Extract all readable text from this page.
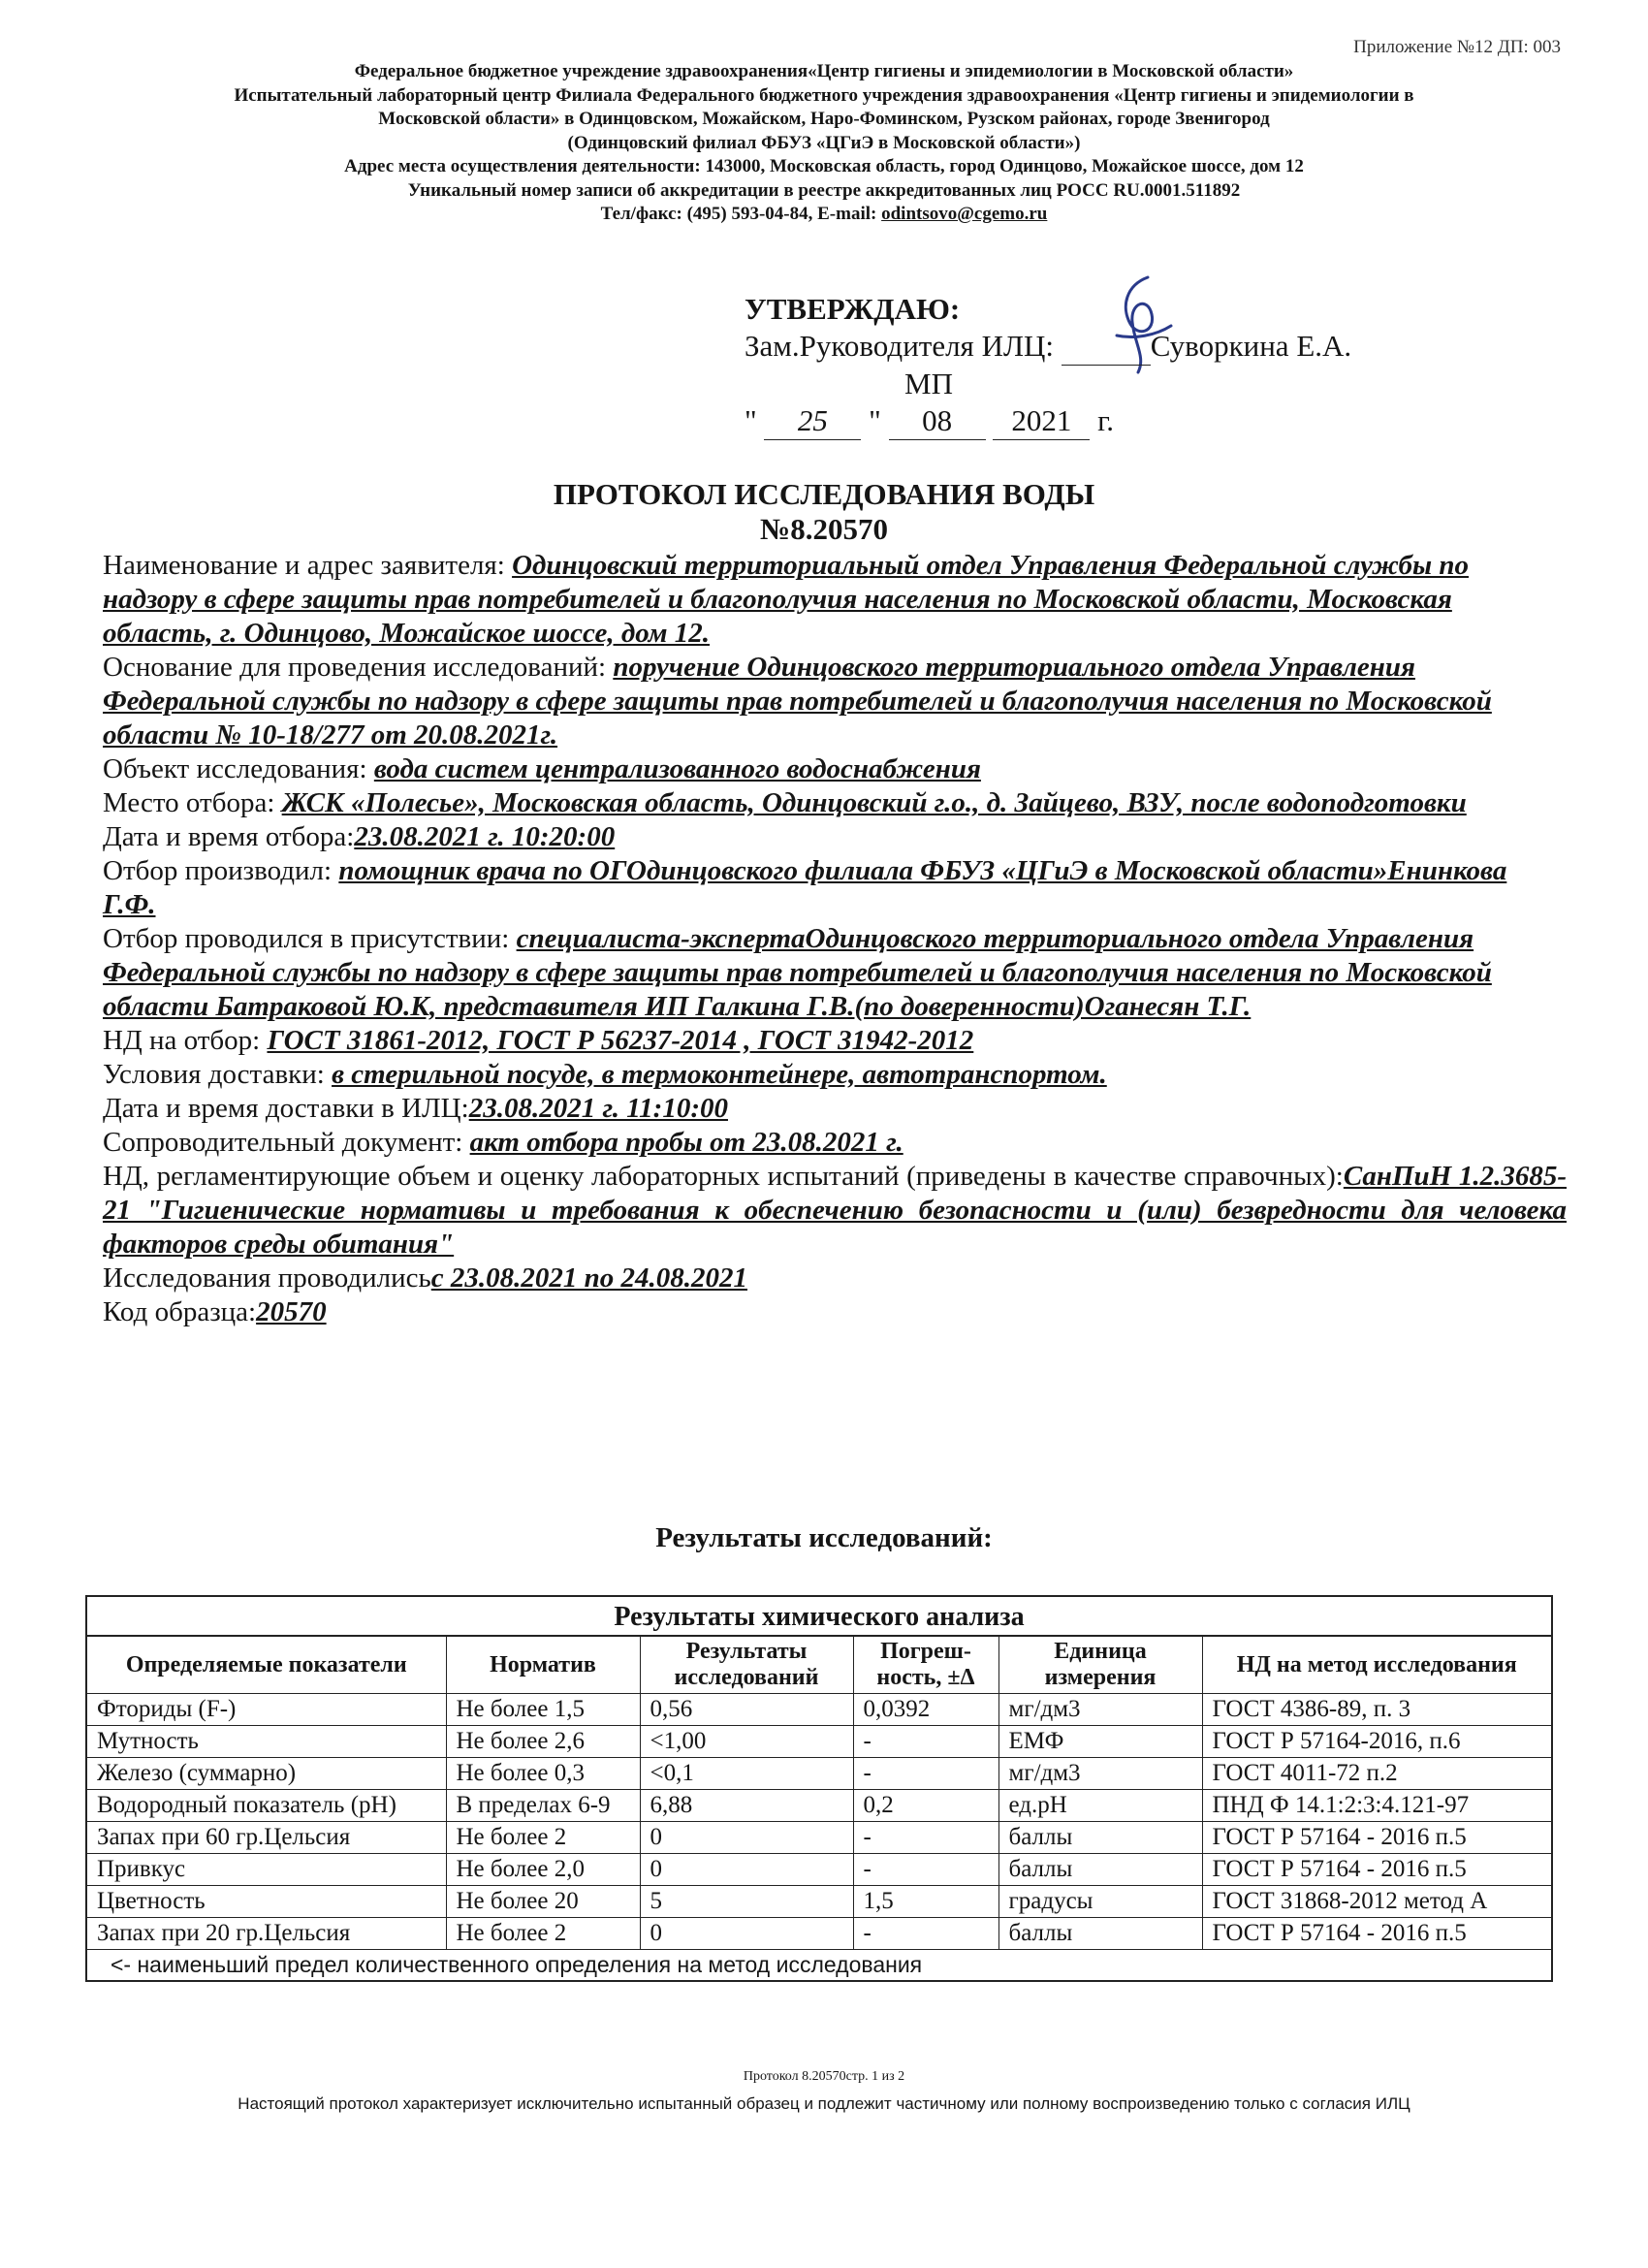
Приложение №12 ДП: 003
Федеральное бюджетное учреждение здравоохранения«Центр гигиены и эпидемиологии в Московской области»
Испытательный лабораторный центр Филиала Федерального бюджетного учреждения здравоохранения «Центр гигиены и эпидемиологии в
Московской области» в Одинцовском, Можайском, Наро-Фоминском, Рузском районах, городе Звенигород
(Одинцовский филиал ФБУЗ «ЦГиЭ в Московской области»)
Адрес места осуществления деятельности: 143000, Московская область, город Одинцово, Можайское шоссе, дом 12
Уникальный номер записи об аккредитации в реестре аккредитованных лиц РОСС RU.0001.511892
Тел/факс: (495) 593-04-84, E-mail: odintsovo@cgemo.ru
УТВЕРЖДАЮ:
Зам.Руководителя ИЛЦ:	Суворкина Е.А.
МП
" 25 " 08 2021 г.
ПРОТОКОЛ ИССЛЕДОВАНИЯ ВОДЫ
№8.20570

Наименование и адрес заявителя: Одинцовский территориальный отдел Управления Федеральной службы по надзору в сфере защиты прав потребителей и благополучия населения по Московской области, Московская область, г. Одинцово, Можайское шоссе, дом 12.

Основание для проведения исследований: поручение Одинцовского территориального отдела Управления Федеральной службы по надзору в сфере защиты прав потребителей и благополучия населения по Московской области № 10-18/277 от 20.08.2021г.

Объект исследования: вода систем централизованного водоснабжения

Место отбора: ЖСК «Полесье», Московская область, Одинцовский г.о., д. Зайцево, ВЗУ, после водоподготовки

Дата и время отбора:23.08.2021 г. 10:20:00

Отбор производил: помощник врача по ОГОдинцовского филиала ФБУЗ «ЦГиЭ в Московской области»Енинкова Г.Ф.

Отбор проводился в присутствии: специалиста-экспертаОдинцовского территориального отдела Управления Федеральной службы по надзору в сфере защиты прав потребителей и благополучия населения по Московской области Батраковой Ю.К, представителя ИП Галкина Г.В.(по доверенности)Оганесян Т.Г.

НД на отбор: ГОСТ 31861-2012, ГОСТ Р 56237-2014 , ГОСТ 31942-2012

Условия доставки: в стерильной посуде, в термоконтейнере, автотранспортом.

Дата и время доставки в ИЛЦ:23.08.2021 г. 11:10:00

Сопроводительный документ: акт отбора пробы от 23.08.2021 г.

НД, регламентирующие объем и оценку лабораторных испытаний (приведены в качестве справочных):СанПиН 1.2.3685-21 "Гигиенические нормативы и требования к обеспечению безопасности и (или) безвредности для человека факторов среды обитания"

Исследования проводилисьс 23.08.2021 по 24.08.2021

Код образца:20570

Результаты исследований:
Результаты химического анализа
Определяемые показатели	Норматив	Результаты исследований	Погреш-ность, ±Δ	Единица измерения	НД на метод исследования
Фториды (F-)	Не более 1,5	0,56	0,0392	мг/дм3	ГОСТ 4386-89, п. 3
Мутность	Не более 2,6	<1,00	-	ЕМФ	ГОСТ Р 57164-2016, п.6
Железо (суммарно)	Не более 0,3	<0,1	-	мг/дм3	ГОСТ 4011-72 п.2
Водородный показатель (pH)	В пределах 6-9	6,88	0,2	ед.pH	ПНД Ф 14.1:2:3:4.121-97
Запах при 60 гр.Цельсия	Не более 2	0	-	баллы	ГОСТ Р 57164 - 2016 п.5
Привкус	Не более 2,0	0	-	баллы	ГОСТ Р 57164 - 2016 п.5
Цветность	Не более 20	5	1,5	градусы	ГОСТ 31868-2012 метод А
Запах при 20 гр.Цельсия	Не более 2	0	-	баллы	ГОСТ Р 57164 - 2016 п.5
<- наименьший предел количественного определения на метод исследования					
Протокол 8.20570стр. 1 из 2
Настоящий протокол характеризует исключительно испытанный образец и подлежит частичному или полному воспроизведению только с согласия ИЛЦ
